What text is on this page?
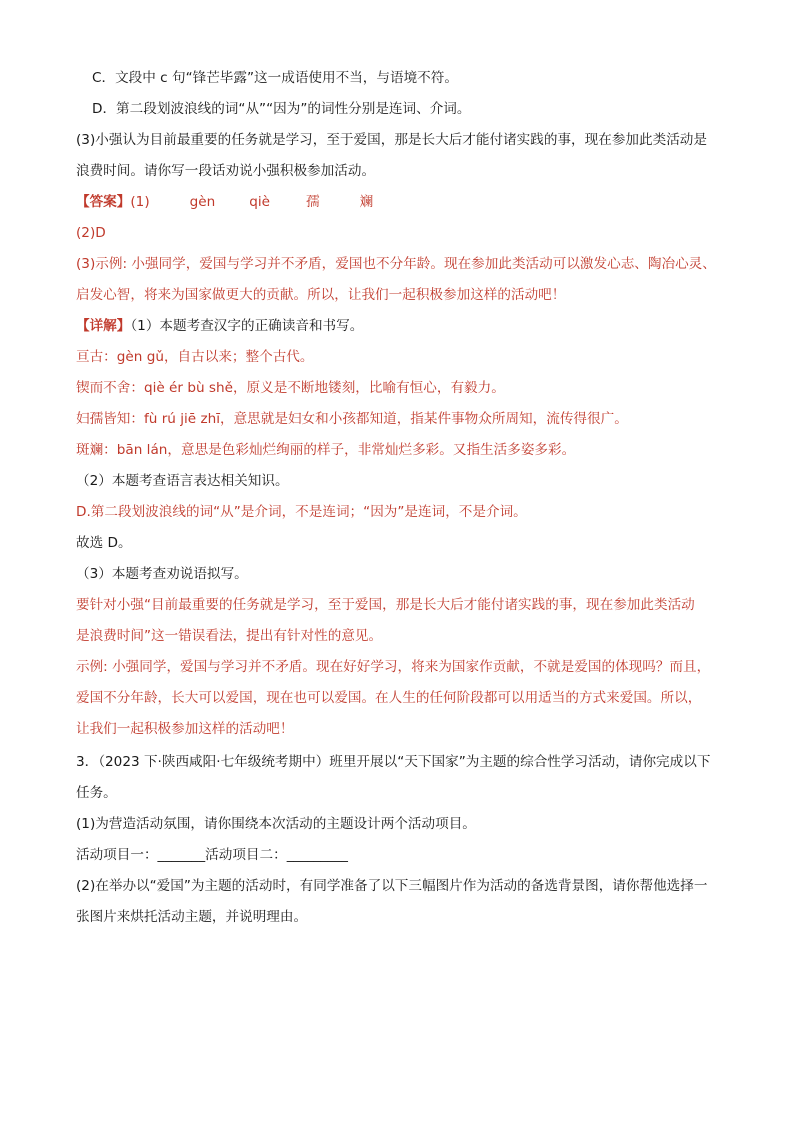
C．文段中 c 句“锋芒毕露”这一成语使用不当，与语境不符。
D．第二段划波浪线的词“从”“因为”的词性分别是连词、介词。
(3)小强认为目前最重要的任务就是学习，至于爱国，那是长大后才能付诸实践的事，现在参加此类活动是
浪费时间。请你写一段话劝说小强积极参加活动。
【答案】(1)	gèn	qiè	孺	斓
(2)D
(3)示例: 小强同学，爱国与学习并不矛盾，爱国也不分年龄。现在参加此类活动可以激发心志、陶冶心灵、
启发心智，将来为国家做更大的贡献。所以，让我们一起积极参加这样的活动吧！
【详解】（1）本题考查汉字的正确读音和书写。
亘古：gèn gǔ，自古以来；整个古代。
锲而不舍：qiè ér bù shě，原义是不断地镂刻，比喻有恒心，有毅力。
妇孺皆知：fù rú jiē zhī，意思就是妇女和小孩都知道，指某件事物众所周知，流传得很广。
斑斓：bān lán，意思是色彩灿烂绚丽的样子，非常灿烂多彩。又指生活多姿多彩。
（2）本题考查语言表达相关知识。
D.第二段划波浪线的词“从”是介词，不是连词；“因为”是连词，不是介词。
故选 D。
（3）本题考查劝说语拟写。
要针对小强“目前最重要的任务就是学习，至于爱国，那是长大后才能付诸实践的事，现在参加此类活动
是浪费时间”这一错误看法，提出有针对性的意见。
示例: 小强同学，爱国与学习并不矛盾。现在好好学习，将来为国家作贡献，不就是爱国的体现吗？而且，
爱国不分年龄，长大可以爱国，现在也可以爱国。在人生的任何阶段都可以用适当的方式来爱国。所以，
让我们一起积极参加这样的活动吧！
3．（2023 下·陕西咸阳·七年级统考期中）班里开展以“天下国家”为主题的综合性学习活动，请你完成以下
任务。
(1)为营造活动氛围，请你围绕本次活动的主题设计两个活动项目。
活动项目一：_______活动项目二：_________
(2)在举办以“爱国”为主题的活动时，有同学准备了以下三幅图片作为活动的备选背景图，请你帮他选择一
张图片来烘托活动主题，并说明理由。
